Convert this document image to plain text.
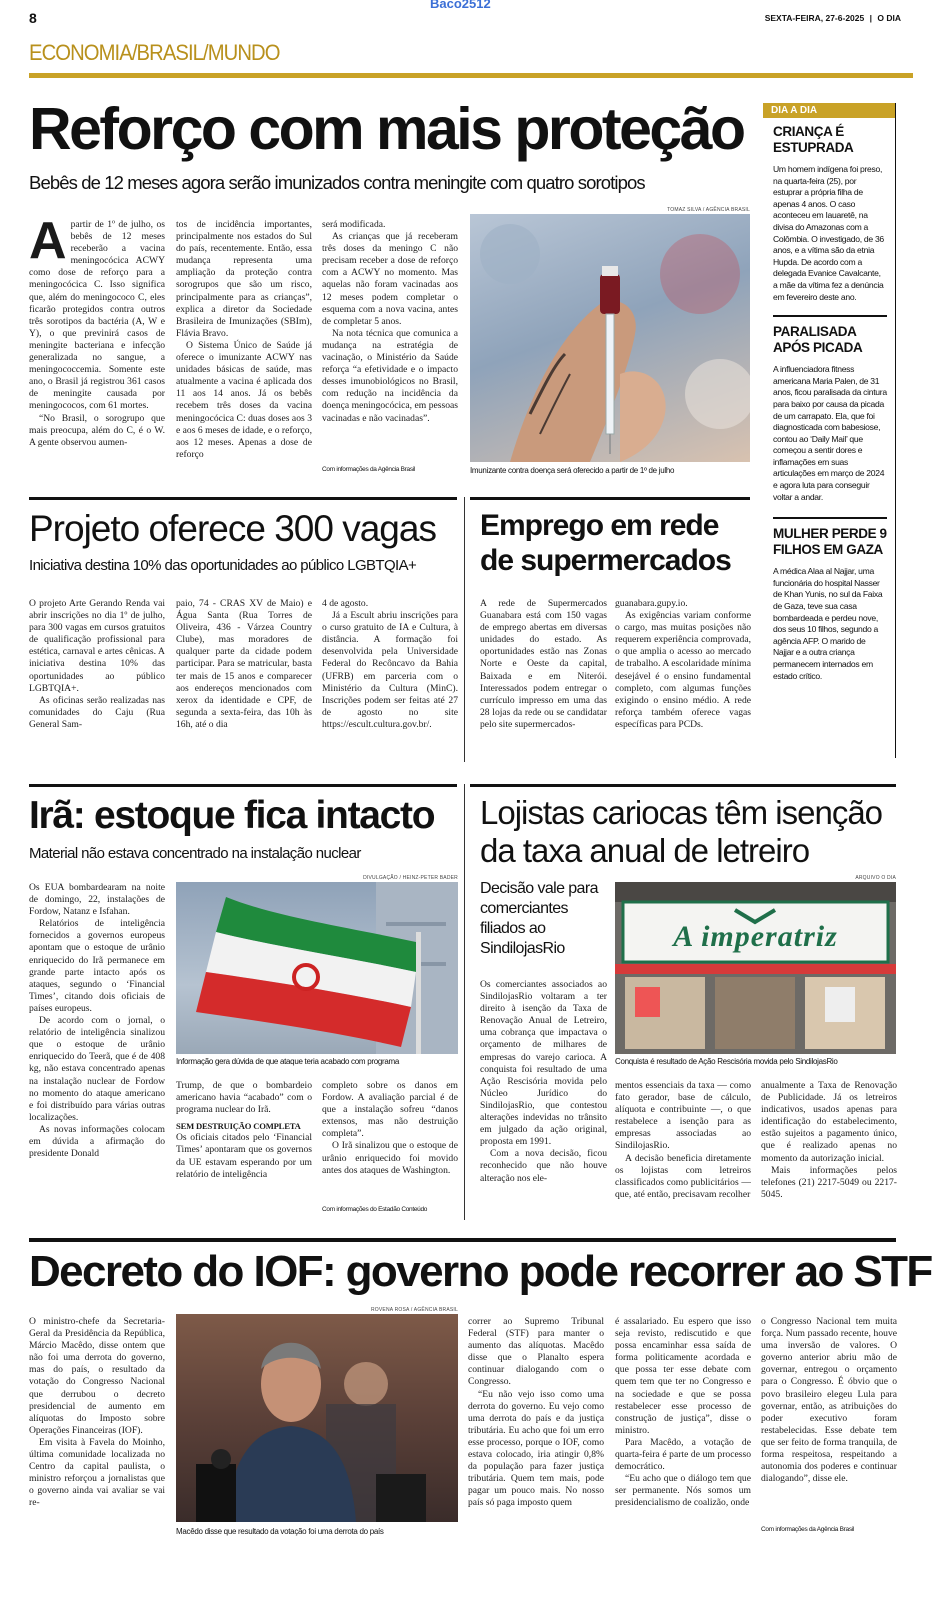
8
Baco2512
SEXTA-FEIRA, 27-6-2025 | O DIA
ECONOMIA/BRASIL/MUNDO
Reforço com mais proteção
Bebês de 12 meses agora serão imunizados contra meningite com quatro sorotipos
A partir de 1º de julho, os bebês de 12 meses receberão a vacina meningocócica ACWY como dose de reforço para a meningocócica C. Isso significa que, além do meningococo C, eles ficarão protegidos contra outros três sorotipos da bactéria (A, W e Y), o que previnirá casos de meningite bacteriana e infecção generalizada no sangue, a meningococcemia. Somente este ano, o Brasil já registrou 361 casos de meningite causada por meningococos, com 61 mortes.

“No Brasil, o sorogrupo que mais preocupa, além do C, é o W. A gente observou aumen-

tos de incidência importantes, principalmente nos estados do Sul do país, recentemente. Então, essa mudança representa uma ampliação da proteção contra sorogrupos que são um risco, principalmente para as crianças”, explica a diretor da Sociedade Brasileira de Imunizações (SBIm), Flávia Bravo.

O Sistema Único de Saúde já oferece o imunizante ACWY nas unidades básicas de saúde, mas atualmente a vacina é aplicada dos 11 aos 14 anos. Já os bebês recebem três doses da vacina meningocócica C: duas doses aos 3 e aos 6 meses de idade, e o reforço, aos 12 meses. Apenas a dose de reforço

será modificada.

As crianças que já receberam três doses da meningo C não precisam receber a dose de reforço com a ACWY no momento. Mas aquelas não foram vacinadas aos 12 meses podem completar o esquema com a nova vacina, antes de completar 5 anos.

Na nota técnica que comunica a mudança na estratégia de vacinação, o Ministério da Saúde reforça “a efetividade e o impacto desses imunobiológicos no Brasil, com redução na incidência da doença meningocócica, em pessoas vacinadas e não vacinadas”.

Com informações da Agência Brasil
TOMAZ SILVA / AGÊNCIA BRASIL
Imunizante contra doença será oferecido a partir de 1º de julho
DIA A DIA
CRIANÇA É ESTUPRADA
Um homem indígena foi preso, na quarta-feira (25), por estuprar a própria filha de apenas 4 anos. O caso aconteceu em Iauaretê, na divisa do Amazonas com a Colômbia. O investigado, de 36 anos, e a vítima são da etnia Hupda. De acordo com a delegada Evanice Cavalcante, a mãe da vítima fez a denúncia em fevereiro deste ano.
PARALISADA APÓS PICADA
A influenciadora fitness americana Maria Palen, de 31 anos, ficou paralisada da cintura para baixo por causa da picada de um carrapato. Ela, que foi diagnosticada com babesiose, contou ao ‘Daily Mail’ que começou a sentir dores e inflamações em suas articulações em março de 2024 e agora luta para conseguir voltar a andar.
MULHER PERDE 9 FILHOS EM GAZA
A médica Alaa al Najjar, uma funcionária do hospital Nasser de Khan Yunis, no sul da Faixa de Gaza, teve sua casa bombardeada e perdeu nove, dos seus 10 filhos, segundo a agência AFP. O marido de Najjar e a outra criança permanecem internados em estado crítico.
Projeto oferece 300 vagas
Iniciativa destina 10% das oportunidades ao público LGBTQIA+

O projeto Arte Gerando Renda vai abrir inscrições no dia 1º de julho, para 300 vagas em cursos gratuitos de qualificação profissional para estética, carnaval e artes cênicas. A iniciativa destina 10% das oportunidades ao público LGBTQIA+.

As oficinas serão realizadas nas comunidades do Caju (Rua General Sam-

paio, 74 - CRAS XV de Maio) e Água Santa (Rua Torres de Oliveira, 436 - Várzea Country Clube), mas moradores de qualquer parte da cidade podem participar. Para se matricular, basta ter mais de 15 anos e comparecer aos endereços mencionados com xerox da identidade e CPF, de segunda a sexta-feira, das 10h às 16h, até o dia

4 de agosto.

Já a Escult abriu inscrições para o curso gratuito de IA e Cultura, à distância. A formação foi desenvolvida pela Universidade Federal do Recôncavo da Bahia (UFRB) em parceria com o Ministério da Cultura (MinC). Inscrições podem ser feitas até 27 de agosto no site https://escult.cultura.gov.br/.

Emprego em rede
de supermercados

A rede de Supermercados Guanabara está com 150 vagas de emprego abertas em diversas unidades do estado. As oportunidades estão nas Zonas Norte e Oeste da capital, Baixada e em Niterói. Interessados podem entregar o currículo impresso em uma das 28 lojas da rede ou se candidatar pelo site supermercados-

guanabara.gupy.io.

As exigências variam conforme o cargo, mas muitas posições não requerem experiência comprovada, o que amplia o acesso ao mercado de trabalho. A escolaridade mínima desejável é o ensino fundamental completo, com algumas funções exigindo o ensino médio. A rede reforça também oferece vagas específicas para PCDs.

Irã: estoque fica intacto
Material não estava concentrado na instalação nuclear

Os EUA bombardearam na noite de domingo, 22, instalações de Fordow, Natanz e Isfahan.

Relatórios de inteligência fornecidos a governos europeus apontam que o estoque de urânio enriquecido do Irã permanece em grande parte intacto após os ataques, segundo o ‘Financial Times’, citando dois oficiais de países europeus.

De acordo com o jornal, o relatório de inteligência sinalizou que o estoque de urânio enriquecido do Teerã, que é de 408 kg, não estava concentrado apenas na instalação nuclear de Fordow no momento do ataque americano e foi distribuído para várias outras localizações.

As novas informações colocam em dúvida a afirmação do presidente Donald

DIVULGAÇÃO / HEINZ-PETER BADER
Informação gera dúvida de que ataque teria acabado com programa

Trump, de que o bombardeio americano havia “acabado” com o programa nuclear do Irã.

SEM DESTRUIÇÃO COMPLETA

Os oficiais citados pelo ‘Financial Times’ apontaram que os governos da UE estavam esperando por um relatório de inteligência

completo sobre os danos em Fordow. A avaliação parcial é de que a instalação sofreu “danos extensos, mas não destruição completa”.

O Irã sinalizou que o estoque de urânio enriquecido foi movido antes dos ataques de Washington.

Com informações do Estadão Conteúdo
Lojistas cariocas têm isenção
da taxa anual de letreiro
Decisão vale para comerciantes filiados ao SindilojasRio
ARQUIVO O DIA
A imperatriz
Conquista é resultado de Ação Rescisória movida pelo SindilojasRio

Os comerciantes associados ao SindilojasRio voltaram a ter direito à isenção da Taxa de Renovação Anual de Letreiro, uma cobrança que impactava o orçamento de milhares de empresas do varejo carioca. A conquista foi resultado de uma Ação Rescisória movida pelo Núcleo Jurídico do SindilojasRio, que contestou alterações indevidas no trânsito em julgado da ação original, proposta em 1991.

Com a nova decisão, ficou reconhecido que não houve alteração nos ele-

mentos essenciais da taxa — como fato gerador, base de cálculo, alíquota e contribuinte —, o que restabelece a isenção para as empresas associadas ao SindilojasRio.

A decisão beneficia diretamente os lojistas com letreiros classificados como publicitários — que, até então, precisavam recolher

anualmente a Taxa de Renovação de Publicidade. Já os letreiros indicativos, usados apenas para identificação do estabelecimento, estão sujeitos a pagamento único, que é realizado apenas no momento da autorização inicial.

Mais informações pelos telefones (21) 2217-5049 ou 2217-5045.

Decreto do IOF: governo pode recorrer ao STF

O ministro-chefe da Secretaria-Geral da Presidência da República, Márcio Macêdo, disse ontem que não foi uma derrota do governo, mas do país, o resultado da votação do Congresso Nacional que derrubou o decreto presidencial de aumento em alíquotas do Imposto sobre Operações Financeiras (IOF).

Em visita à Favela do Moinho, última comunidade localizada no Centro da capital paulista, o ministro reforçou a jornalistas que o governo ainda vai avaliar se vai re-

ROVENA ROSA / AGÊNCIA BRASIL
Macêdo disse que resultado da votação foi uma derrota do país

correr ao Supremo Tribunal Federal (STF) para manter o aumento das alíquotas. Macêdo disse que o Planalto espera continuar dialogando com o Congresso.

“Eu não vejo isso como uma derrota do governo. Eu vejo como uma derrota do país e da justiça tributária. Eu acho que foi um erro esse processo, porque o IOF, como estava colocado, iria atingir 0,8% da população para fazer justiça tributária. Quem tem mais, pode pagar um pouco mais. No nosso país só paga imposto quem

é assalariado. Eu espero que isso seja revisto, rediscutido e que possa encaminhar essa saída de forma politicamente acordada e que possa ter esse debate com quem tem que ter no Congresso e na sociedade e que se possa restabelecer esse processo de construção de justiça”, disse o ministro.

Para Macêdo, a votação de quarta-feira é parte de um processo democrático.

“Eu acho que o diálogo tem que ser permanente. Nós somos um presidencialismo de coalizão, onde

o Congresso Nacional tem muita força. Num passado recente, houve uma inversão de valores. O governo anterior abriu mão de governar, entregou o orçamento para o Congresso. É óbvio que o povo brasileiro elegeu Lula para governar, então, as atribuições do poder executivo foram restabelecidas. Esse debate tem que ser feito de forma tranquila, de forma respeitosa, respeitando a autonomia dos poderes e continuar dialogando”, disse ele.

Com informações da Agência Brasil
